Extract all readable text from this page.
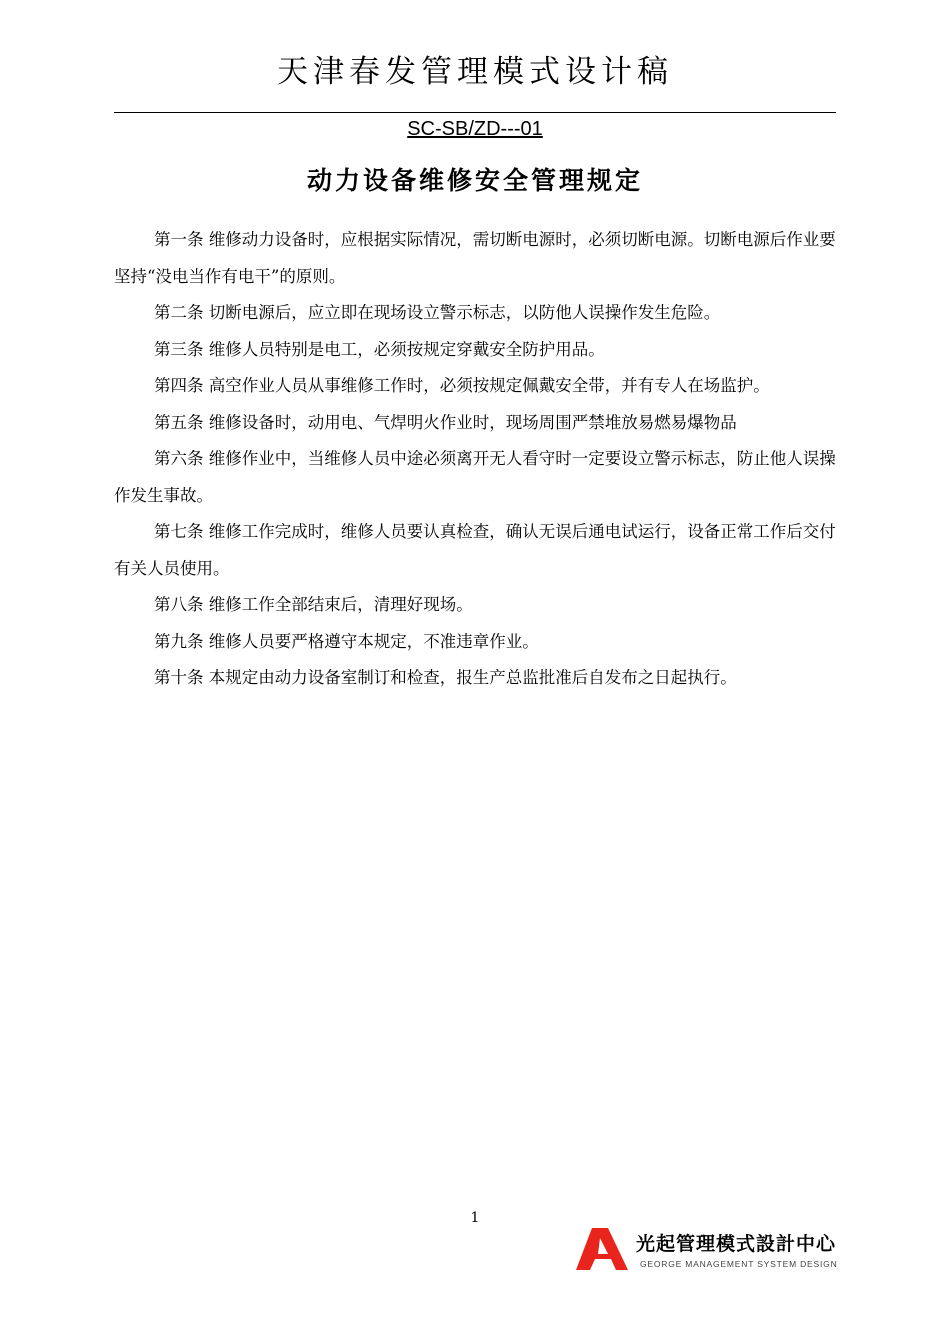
天津春发管理模式设计稿
SC-SB/ZD---01
动力设备维修安全管理规定

第一条 维修动力设备时，应根据实际情况，需切断电源时，必须切断电源。切断电源后作业要坚持“没电当作有电干”的原则。

第二条 切断电源后，应立即在现场设立警示标志，以防他人误操作发生危险。

第三条 维修人员特别是电工，必须按规定穿戴安全防护用品。

第四条 高空作业人员从事维修工作时，必须按规定佩戴安全带，并有专人在场监护。

第五条 维修设备时，动用电、气焊明火作业时，现场周围严禁堆放易燃易爆物品

第六条 维修作业中，当维修人员中途必须离开无人看守时一定要设立警示标志，防止他人误操作发生事故。

第七条 维修工作完成时，维修人员要认真检查，确认无误后通电试运行，设备正常工作后交付有关人员使用。

第八条 维修工作全部结束后，清理好现场。

第九条 维修人员要严格遵守本规定，不准违章作业。

第十条 本规定由动力设备室制订和检查，报生产总监批准后自发布之日起执行。

1
光起管理模式設計中心
GEORGE MANAGEMENT SYSTEM DESIGN
